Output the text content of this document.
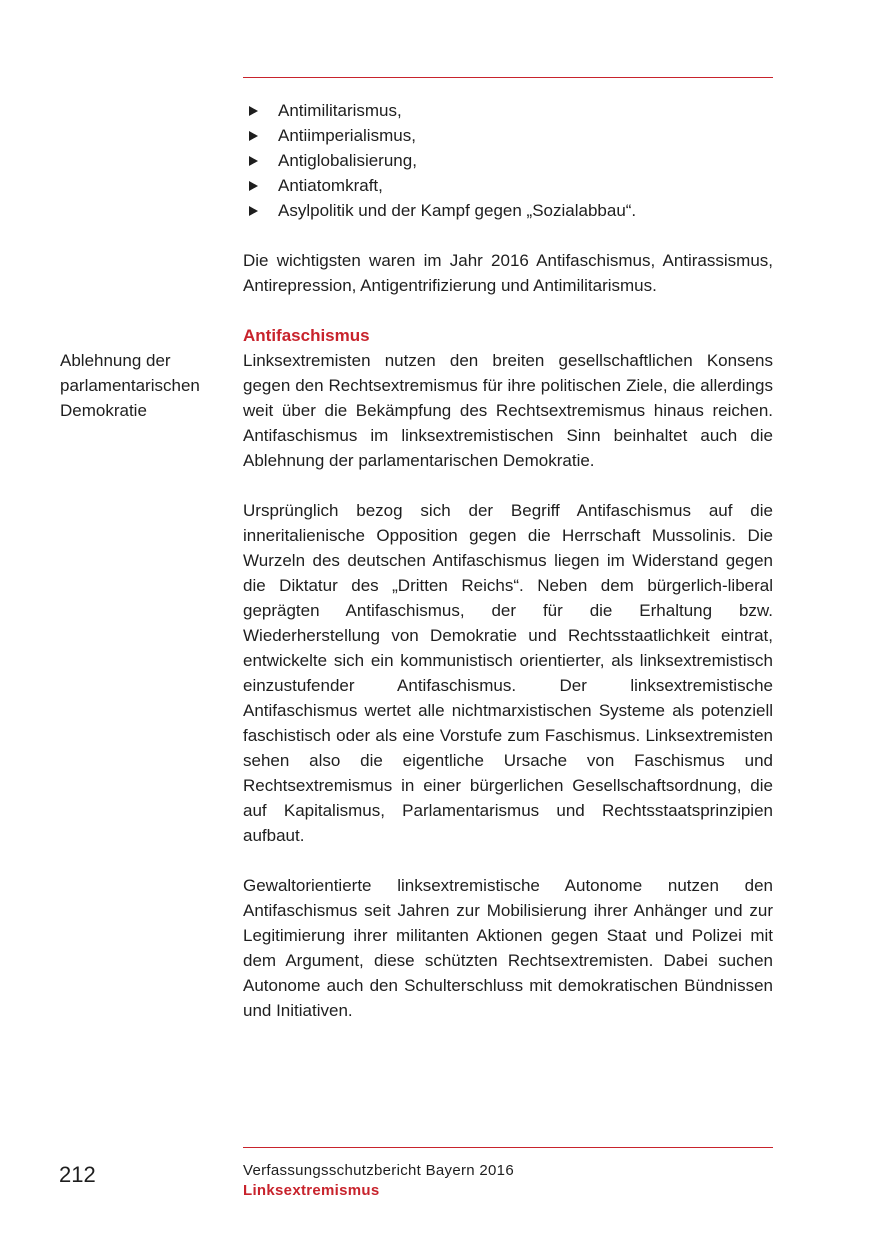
Antimilitarismus,
Antiimperialismus,
Antiglobalisierung,
Antiatomkraft,
Asylpolitik und der Kampf gegen „Sozialabbau“.

Die wichtigsten waren im Jahr 2016 Antifaschismus, Antirassismus, Antirepression, Antigentrifizierung und Antimilitarismus.

Antifaschismus

Linksextremisten nutzen den breiten gesellschaftlichen Konsens gegen den Rechtsextremismus für ihre politischen Ziele, die allerdings weit über die Bekämpfung des Rechtsextremismus hinaus reichen. Antifaschismus im linksextremistischen Sinn beinhaltet auch die Ablehnung der parlamentarischen Demokratie.

Ursprünglich bezog sich der Begriff Antifaschismus auf die inneritalienische Opposition gegen die Herrschaft Mussolinis. Die Wurzeln des deutschen Antifaschismus liegen im Widerstand gegen die Diktatur des „Dritten Reichs“. Neben dem bürgerlich-liberal geprägten Antifaschismus, der für die Erhaltung bzw. Wiederherstellung von Demokratie und Rechtsstaatlichkeit eintrat, entwickelte sich ein kommunistisch orientierter, als linksextremistisch einzustufender Antifaschismus. Der linksextremistische Antifaschismus wertet alle nichtmarxistischen Systeme als potenziell faschistisch oder als eine Vorstufe zum Faschismus. Linksextremisten sehen also die eigentliche Ursache von Faschismus und Rechtsextremismus in einer bürgerlichen Gesellschaftsordnung, die auf Kapitalismus, Parlamentarismus und Rechtsstaatsprinzipien aufbaut.

Gewaltorientierte linksextremistische Autonome nutzen den Antifaschismus seit Jahren zur Mobilisierung ihrer Anhänger und zur Legitimierung ihrer militanten Aktionen gegen Staat und Polizei mit dem Argument, diese schützten Rechtsextremisten. Dabei suchen Autonome auch den Schulterschluss mit demokratischen Bündnissen und Initiativen.

Ablehnung der
parlamentarischen
Demokratie
212	Verfassungsschutzbericht Bayern 2016
Linksextremismus
